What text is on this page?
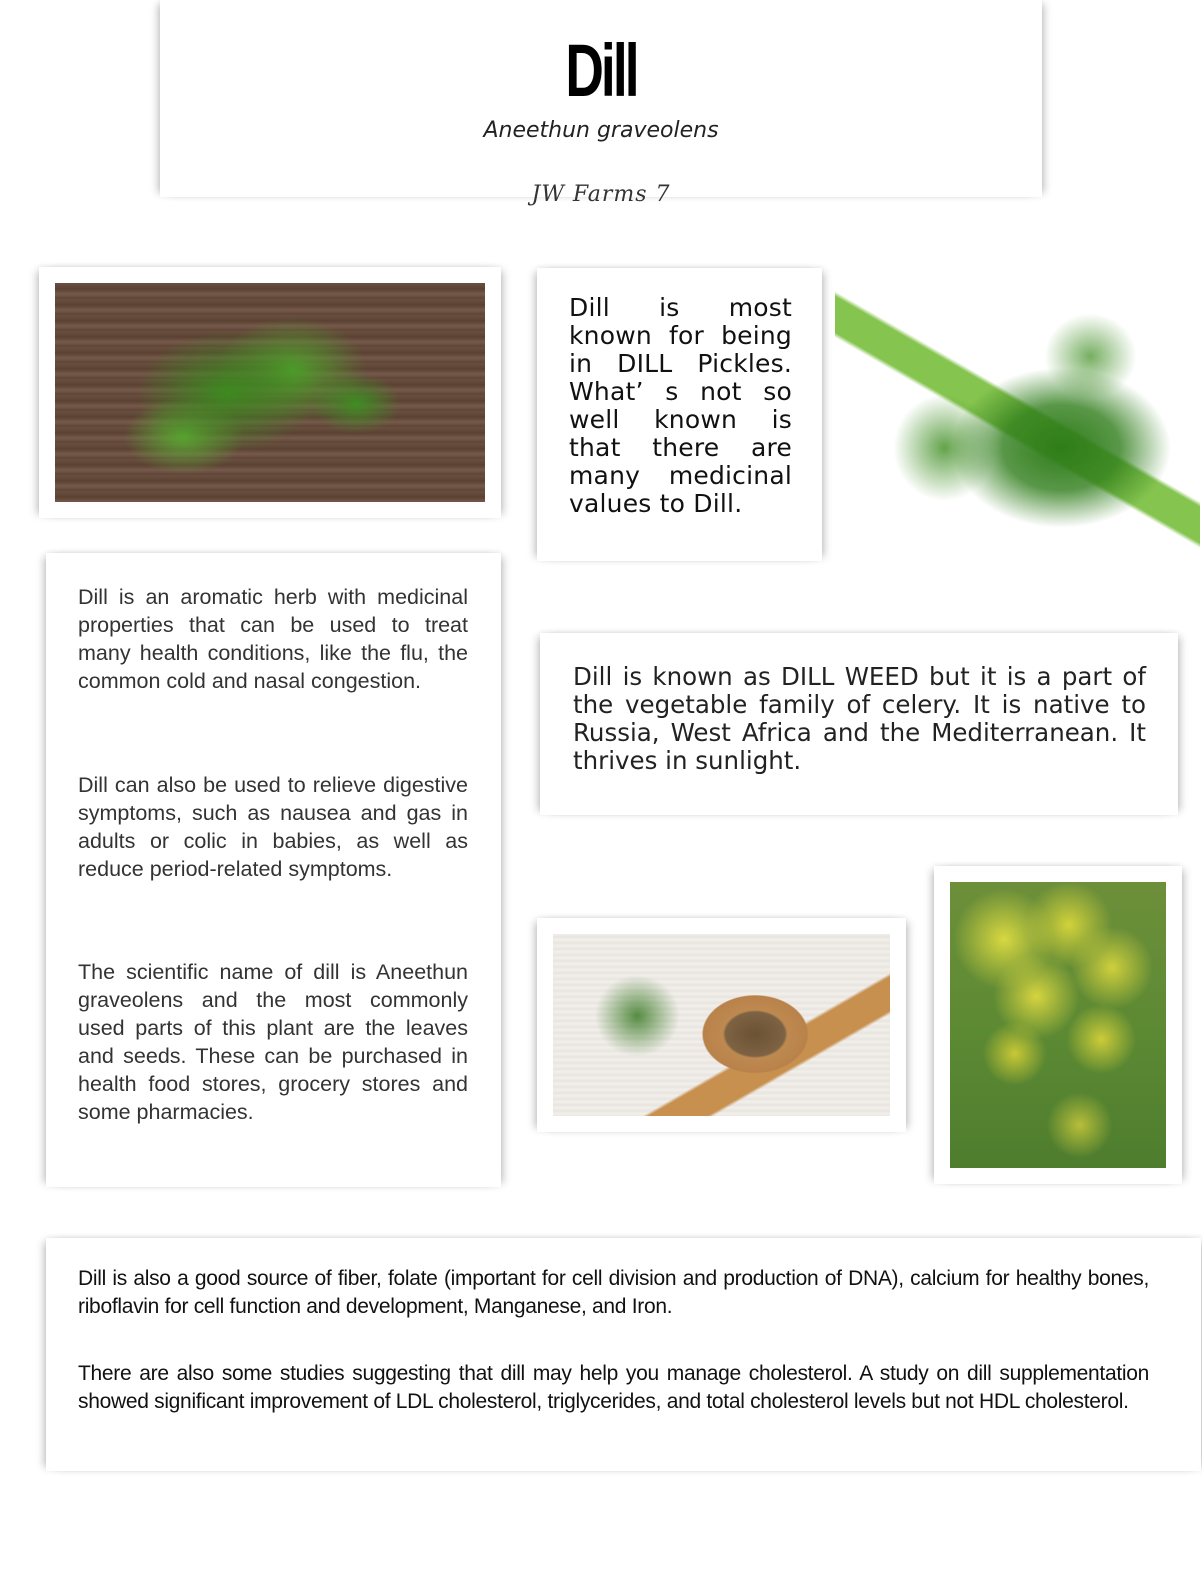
Dill
Aneethun graveolens
JW Farms 7
Dill is most known for being in DILL Pickles. What’ s not so well known is that there are many medicinal values to Dill.

Dill is an aromatic herb with medicinal properties that can be used to treat many health conditions, like the flu, the common cold and nasal congestion.

Dill can also be used to relieve digestive symptoms, such as nausea and gas in adults or colic in babies, as well as reduce period-related symptoms.

The scientific name of dill is Aneethun graveolens and the most commonly used parts of this plant are the leaves and seeds. These can be purchased in health food stores, grocery stores and some pharmacies.

Dill is known as DILL WEED but it is a part of the vegetable family of celery. It is native to Russia, West Africa and the Mediterranean. It thrives in sunlight.

Dill is also a good source of fiber, folate (important for cell division and production of DNA), calcium for healthy bones, riboflavin for cell function and development, Manganese, and Iron.

There are also some studies suggesting that dill may help you manage cholesterol. A study on dill supplementation showed significant improvement of LDL cholesterol, triglycerides, and total cholesterol levels but not HDL cholesterol.
